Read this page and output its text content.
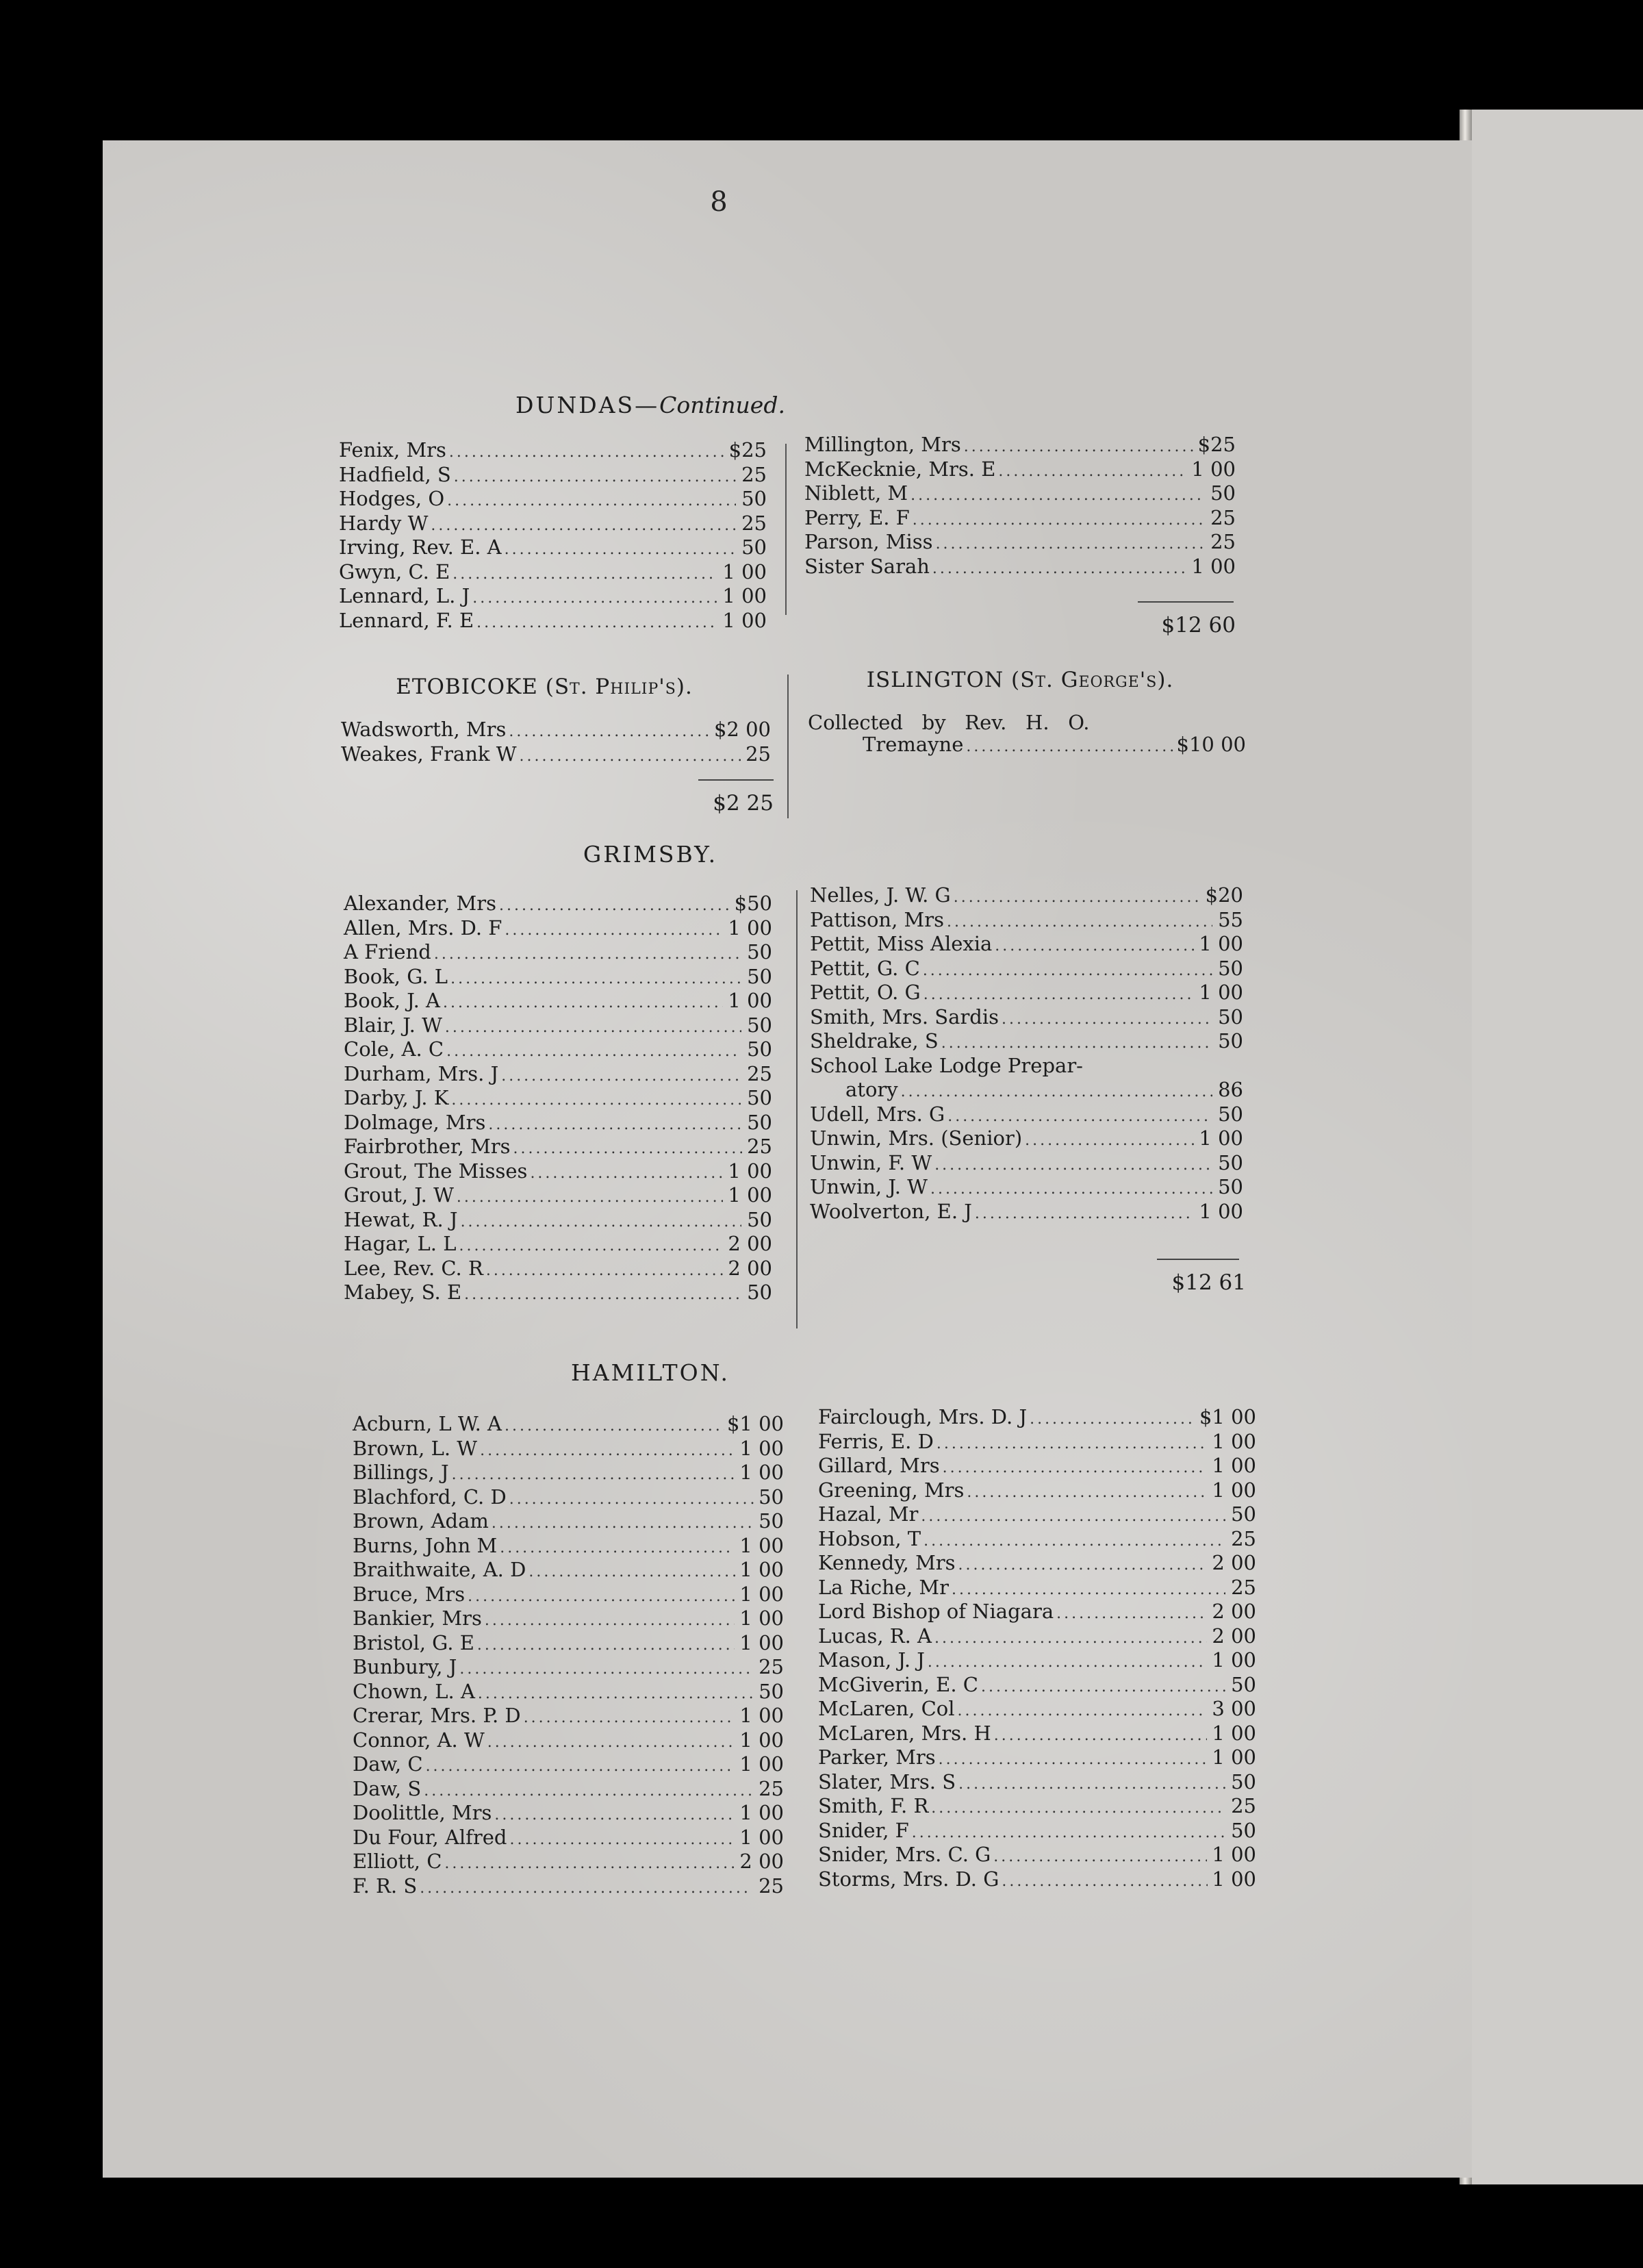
8
DUNDAS—Continued.
Fenix, Mrs .....	$ 25
Hadfield, S .....	25
Hodges, O .....	50
Hardy W .....	25
Irving, Rev. E. A .....	50
Gwyn, C. E .....	1 00
Lennard, L. J .....	1 00
Lennard, F. E .....	1 00
Millington, Mrs .....	$ 25
McKecknie, Mrs. E .....	1 00
Niblett, M .....	50
Perry, E. F .....	25
Parson, Miss .....	25
Sister Sarah .....	1 00
$12 60
ETOBICOKE (St. Philip's).	ISLINGTON (St. George's).
Wadsworth, Mrs .....	$ 2 00
Weakes, Frank W .....	25
$2 25
Collected   by   Rev.   H.   O.
Tremayne .....	$10 00
GRIMSBY.
Alexander, Mrs .....	$ 50
Allen, Mrs. D. F .....	1 00
A Friend .....	50
Book, G. L .....	50
Book, J. A .....	1 00
Blair, J. W .....	50
Cole, A. C .....	50
Durham, Mrs. J .....	25
Darby, J. K .....	50
Dolmage, Mrs .....	50
Fairbrother, Mrs .....	25
Grout, The Misses .....	1 00
Grout, J. W .....	1 00
Hewat, R. J .....	50
Hagar, L. L .....	2 00
Lee, Rev. C. R .....	2 00
Mabey, S. E .....	50
Nelles, J. W. G .....	$ 20
Pattison, Mrs .....	55
Pettit, Miss Alexia .....	1 00
Pettit, G. C .....	50
Pettit, O. G .....	1 00
Smith, Mrs. Sardis .....	50
Sheldrake, S .....	50
School Lake Lodge Prepar-
atory .....	86
Udell, Mrs. G .....	50
Unwin, Mrs. (Senior) .....	1 00
Unwin, F. W .....	50
Unwin, J. W .....	50
Woolverton, E. J .....	1 00
$12 61
HAMILTON.
Acburn, L W. A .....	$ 1 00
Brown, L. W .....	1 00
Billings, J .....	1 00
Blachford, C. D .....	50
Brown, Adam .....	50
Burns, John M .....	1 00
Braithwaite, A. D .....	1 00
Bruce, Mrs .....	1 00
Bankier, Mrs .....	1 00
Bristol, G. E .....	1 00
Bunbury, J .....	25
Chown, L. A .....	50
Crerar, Mrs. P. D .....	1 00
Connor, A. W .....	1 00
Daw, C .....	1 00
Daw, S .....	25
Doolittle, Mrs .....	1 00
Du Four, Alfred .....	1 00
Elliott, C .....	2 00
F. R. S .....	25
Fairclough, Mrs. D. J .....	$ 1 00
Ferris, E. D .....	1 00
Gillard, Mrs .....	1 00
Greening, Mrs .....	1 00
Hazal, Mr .....	50
Hobson, T .....	25
Kennedy, Mrs .....	2 00
La Riche, Mr .....	25
Lord Bishop of Niagara .....	2 00
Lucas, R. A .....	2 00
Mason, J. J .....	1 00
McGiverin, E. C .....	50
McLaren, Col .....	3 00
McLaren, Mrs. H .....	1 00
Parker, Mrs .....	1 00
Slater, Mrs. S .....	50
Smith, F. R .....	25
Snider, F .....	50
Snider, Mrs. C. G .....	1 00
Storms, Mrs. D. G .....	1 00
